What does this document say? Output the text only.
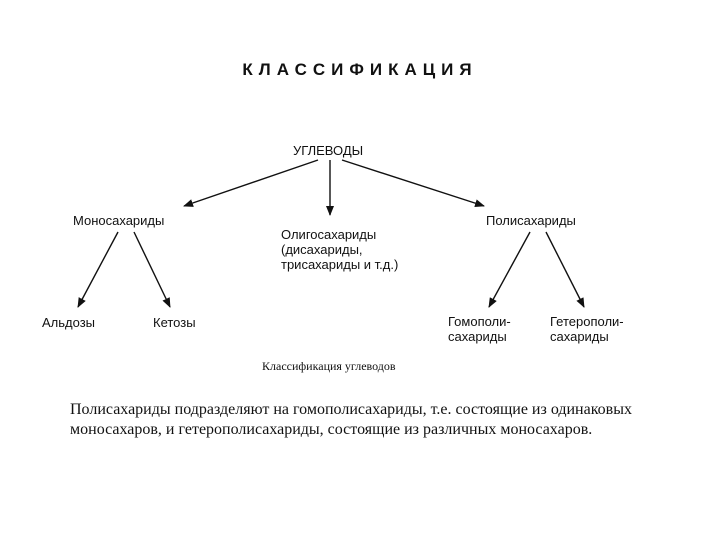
КЛАССИФИКАЦИЯ
УГЛЕВОДЫ
Моносахариды
Олигосахариды
(дисахариды,
трисахариды и т.д.)
Полисахариды
Альдозы	Кетозы	Гомополи-
сахариды
Гетерополи-
сахариды
Классификация углеводов
Полисахариды подразделяют на гомополисахариды, т.е. состоящие из одинаковых моносахаров, и гетерополисахариды, состоящие из различных моносахаров.
